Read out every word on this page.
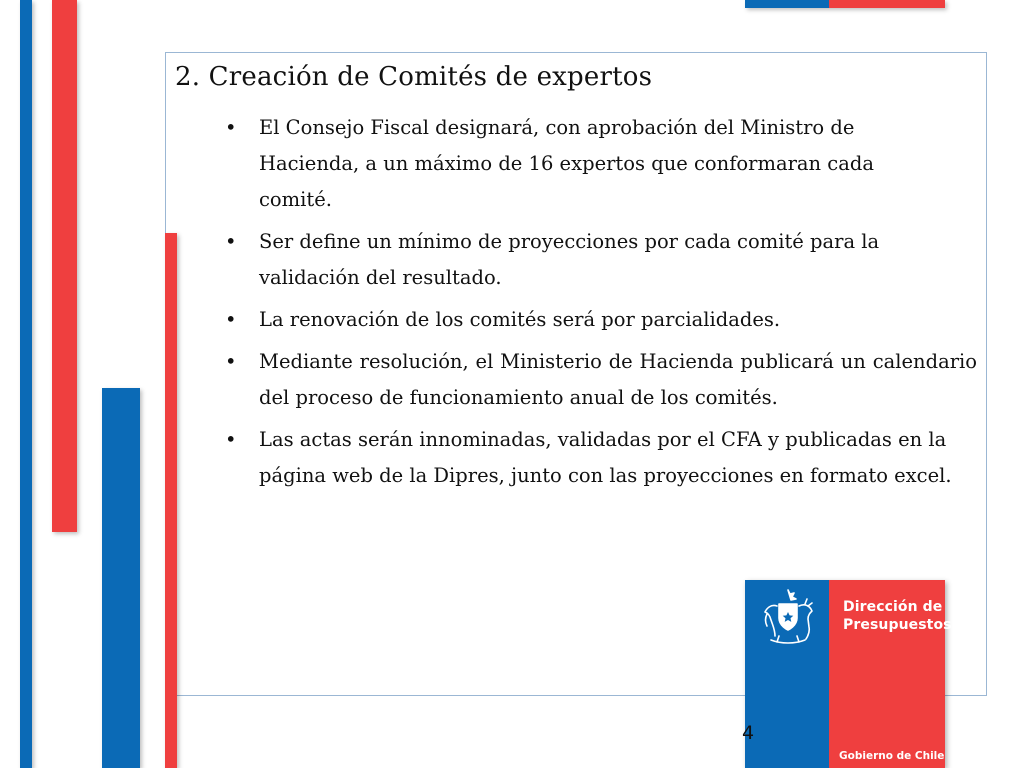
2. Creación de Comités de expertos
• El Consejo Fiscal designará, con aprobación del Ministro de Hacienda, a un máximo de 16 expertos que conformaran cada comité.
• Ser define un mínimo de proyecciones por cada comité para la validación del resultado.
• La renovación de los comités será por parcialidades.
• Mediante resolución, el Ministerio de Hacienda publicará un calendario del proceso de funcionamiento anual de los comités.
• Las actas serán innominadas, validadas por el CFA y publicadas en la página web de la Dipres, junto con las proyecciones en formato excel.
Dirección de
Presupuestos
Gobierno de Chile
4
